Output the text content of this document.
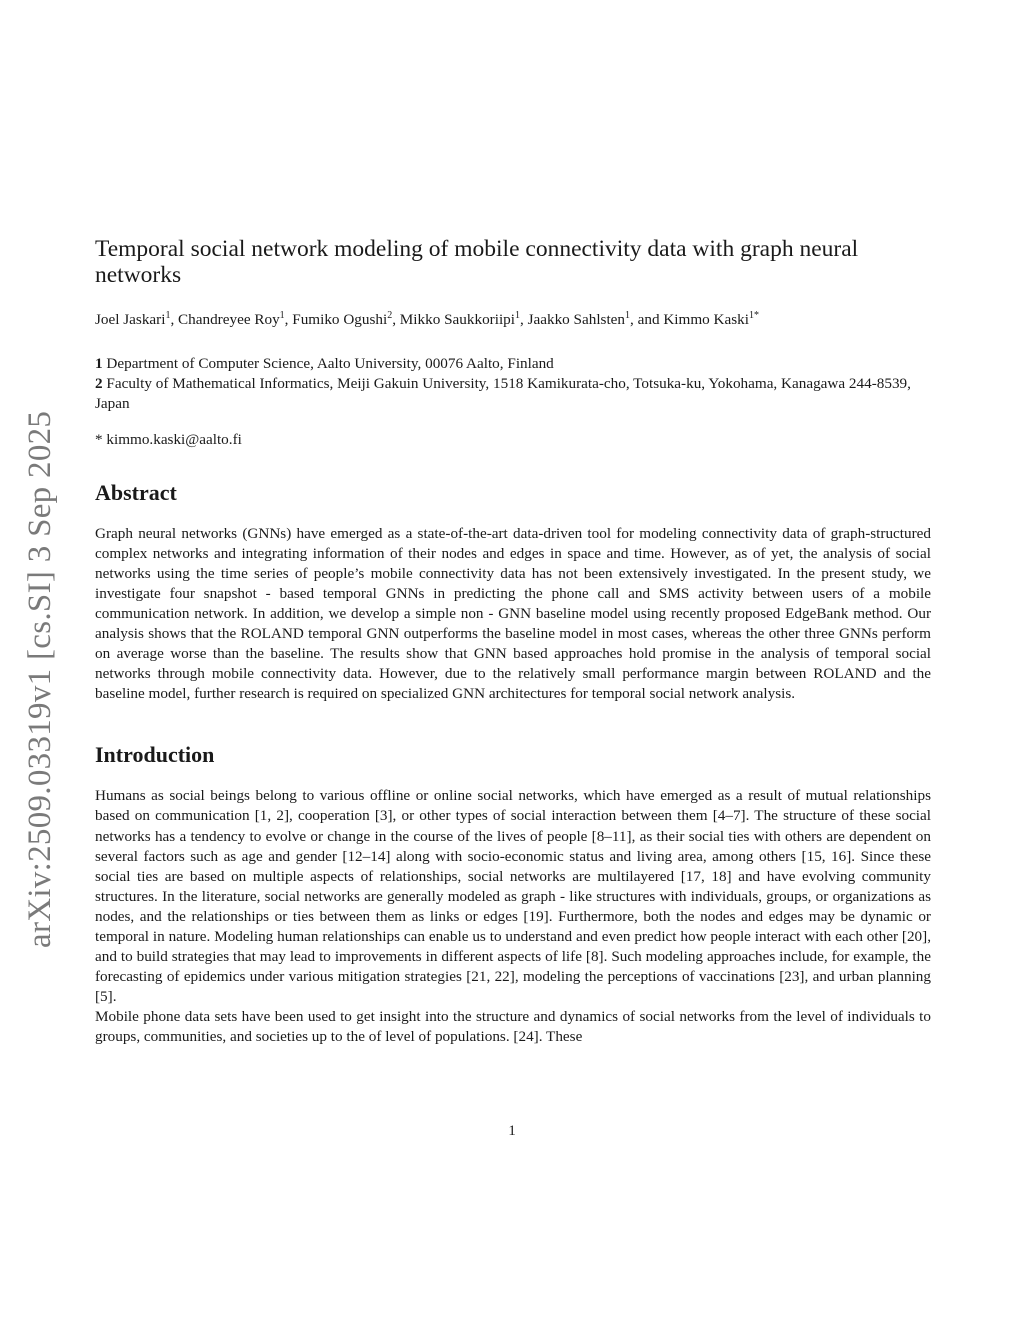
arXiv:2509.03319v1 [cs.SI] 3 Sep 2025
Temporal social network modeling of mobile connectivity data with graph neural networks
Joel Jaskari$^1$, Chandreyee Roy$^1$, Fumiko Ogushi$^2$, Mikko Saukkoriipi$^1$, Jaakko Sahlsten$^1$, and Kimmo Kaski$^{1*}$
1 Department of Computer Science, Aalto University, 00076 Aalto, Finland
2 Faculty of Mathematical Informatics, Meiji Gakuin University, 1518 Kamikurata-cho, Totsuka-ku, Yokohama, Kanagawa 244-8539, Japan
* kimmo.kaski@aalto.fi
Abstract

Graph neural networks (GNNs) have emerged as a state-of-the-art data-driven tool for modeling connectivity data of graph-structured complex networks and integrating information of their nodes and edges in space and time. However, as of yet, the analysis of social networks using the time series of people’s mobile connectivity data has not been extensively investigated. In the present study, we investigate four snapshot - based temporal GNNs in predicting the phone call and SMS activity between users of a mobile communication network. In addition, we develop a simple non - GNN baseline model using recently proposed EdgeBank method. Our analysis shows that the ROLAND temporal GNN outperforms the baseline model in most cases, whereas the other three GNNs perform on average worse than the baseline. The results show that GNN based approaches hold promise in the analysis of temporal social networks through mobile connectivity data. However, due to the relatively small performance margin between ROLAND and the baseline model, further research is required on specialized GNN architectures for temporal social network analysis.

Introduction

Humans as social beings belong to various offline or online social networks, which have emerged as a result of mutual relationships based on communication [1, 2], cooperation [3], or other types of social interaction between them [4–7]. The structure of these social networks has a tendency to evolve or change in the course of the lives of people [8–11], as their social ties with others are dependent on several factors such as age and gender [12–14] along with socio-economic status and living area, among others [15, 16]. Since these social ties are based on multiple aspects of relationships, social networks are multilayered [17, 18] and have evolving community structures. In the literature, social networks are generally modeled as graph - like structures with individuals, groups, or organizations as nodes, and the relationships or ties between them as links or edges [19]. Furthermore, both the nodes and edges may be dynamic or temporal in nature. Modeling human relationships can enable us to understand and even predict how people interact with each other [20], and to build strategies that may lead to improvements in different aspects of life [8]. Such modeling approaches include, for example, the forecasting of epidemics under various mitigation strategies [21, 22], modeling the perceptions of vaccinations [23], and urban planning [5].

Mobile phone data sets have been used to get insight into the structure and dynamics of social networks from the level of individuals to groups, communities, and societies up to the of level of populations. [24]. These

1
